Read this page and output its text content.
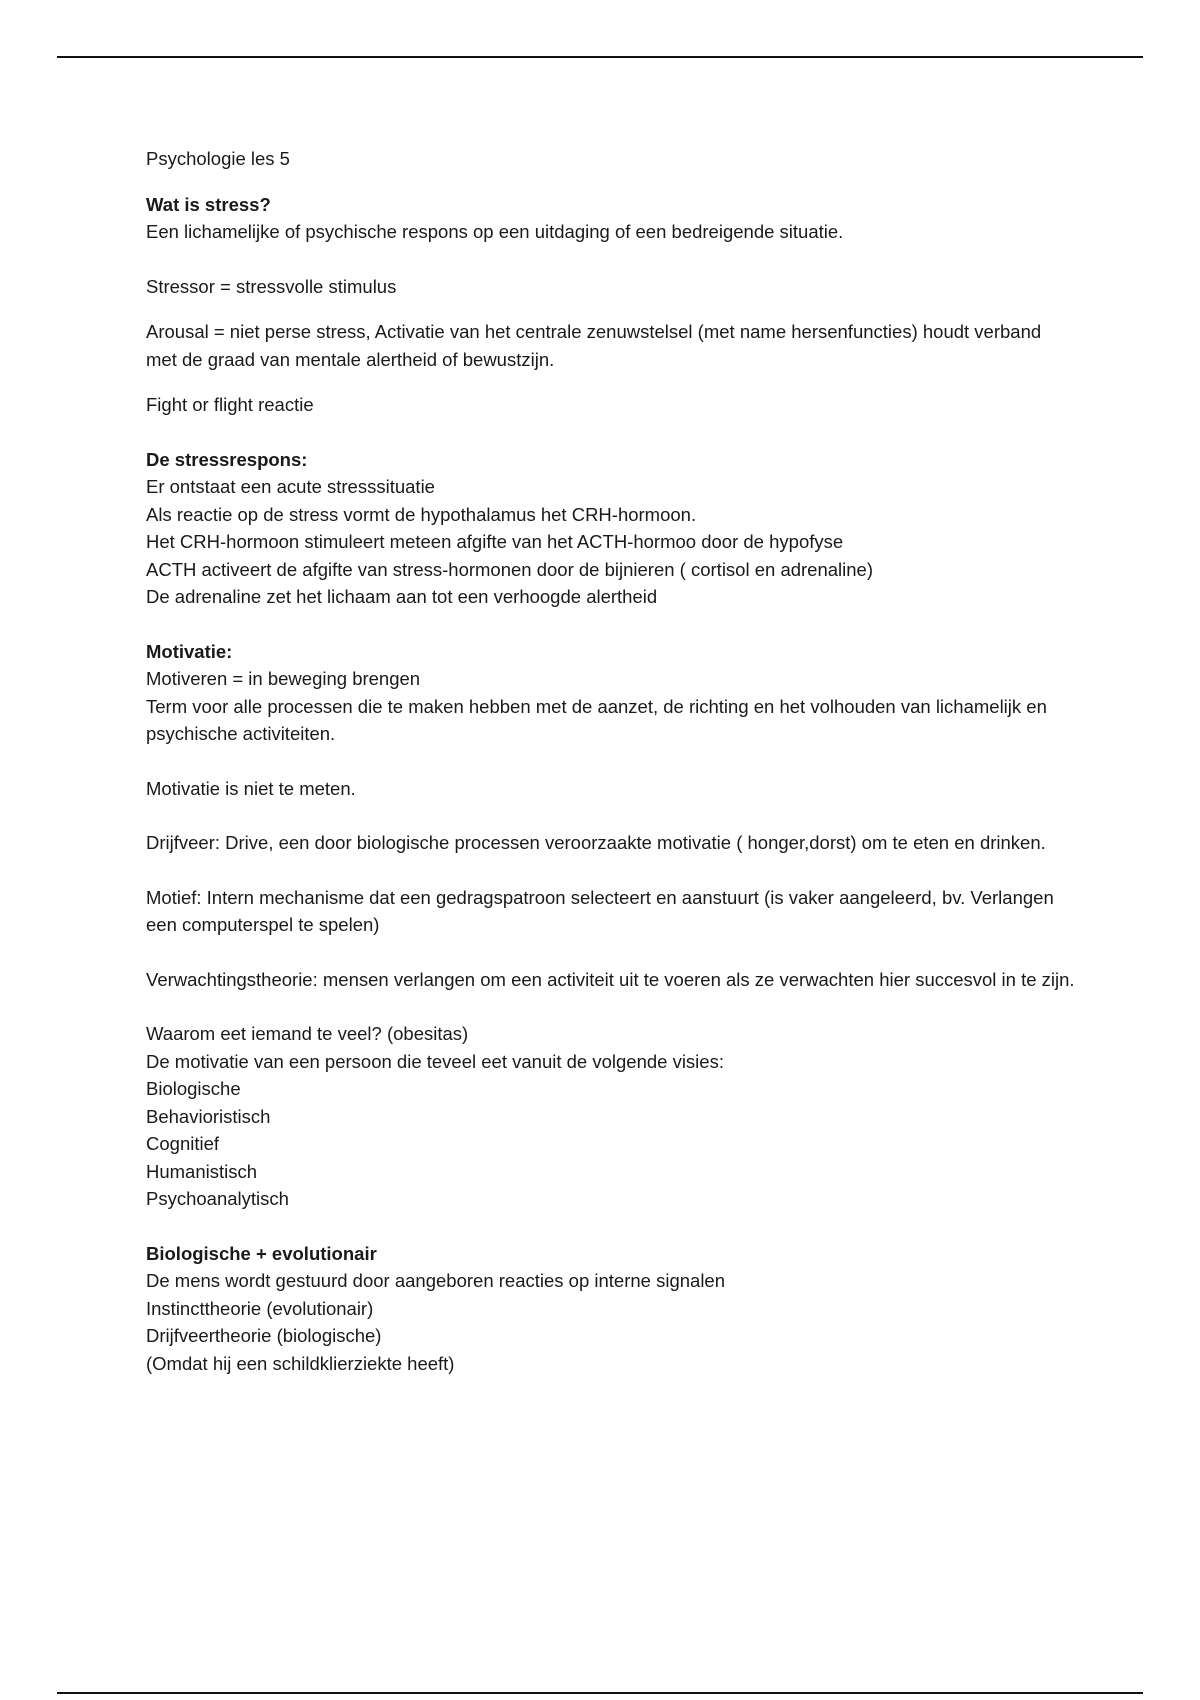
Psychologie les 5

Wat is stress?

Een lichamelijke of psychische respons op een uitdaging of een bedreigende situatie.

Stressor = stressvolle stimulus

Arousal = niet perse stress, Activatie van het centrale zenuwstelsel (met name hersenfuncties) houdt verband met de graad van mentale alertheid of bewustzijn.

Fight or flight reactie

De stressrespons:

Er ontstaat een acute stresssituatie

Als reactie op de stress vormt de hypothalamus het CRH-hormoon.

Het CRH-hormoon stimuleert meteen afgifte van het ACTH-hormoo door de hypofyse

ACTH activeert de afgifte van stress-hormonen door de bijnieren ( cortisol en adrenaline)

De adrenaline zet het lichaam aan tot een verhoogde alertheid

Motivatie:

Motiveren = in beweging brengen

Term voor alle processen die te maken hebben met de aanzet, de richting en het volhouden van lichamelijk en psychische activiteiten.

Motivatie is niet te meten.

Drijfveer: Drive, een door biologische processen veroorzaakte motivatie ( honger,dorst) om te eten en drinken.

Motief: Intern mechanisme dat een gedragspatroon selecteert en aanstuurt (is vaker aangeleerd, bv. Verlangen een computerspel te spelen)

Verwachtingstheorie: mensen verlangen om een activiteit uit te voeren als ze verwachten hier succesvol in te zijn.

Waarom eet iemand te veel? (obesitas)

De motivatie van een persoon die teveel eet vanuit de volgende visies:

Biologische

Behavioristisch

Cognitief

Humanistisch

Psychoanalytisch

Biologische + evolutionair

De mens wordt gestuurd door aangeboren reacties op interne signalen

Instincttheorie (evolutionair)

Drijfveertheorie (biologische)

(Omdat hij een schildklierziekte heeft)
